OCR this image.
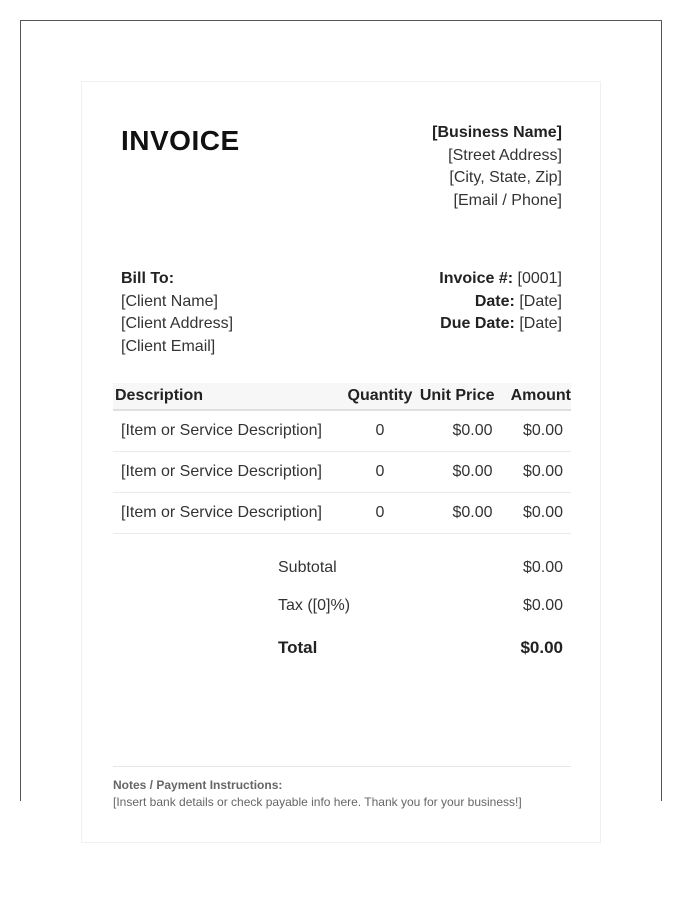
INVOICE	[Business Name]
[Street Address]
[City, State, Zip]
[Email / Phone]
Bill To:
[Client Name]
[Client Address]
[Client Email]
Invoice #: [0001]
Date: [Date]
Due Date: [Date]
Description	Quantity	Unit Price	Amount
[Item or Service Description]	0	$0.00	$0.00
[Item or Service Description]	0	$0.00	$0.00
[Item or Service Description]	0	$0.00	$0.00
Subtotal	$0.00
Tax ([0]%)	$0.00
Total	$0.00
Notes / Payment Instructions:
[Insert bank details or check payable info here. Thank you for your business!]
